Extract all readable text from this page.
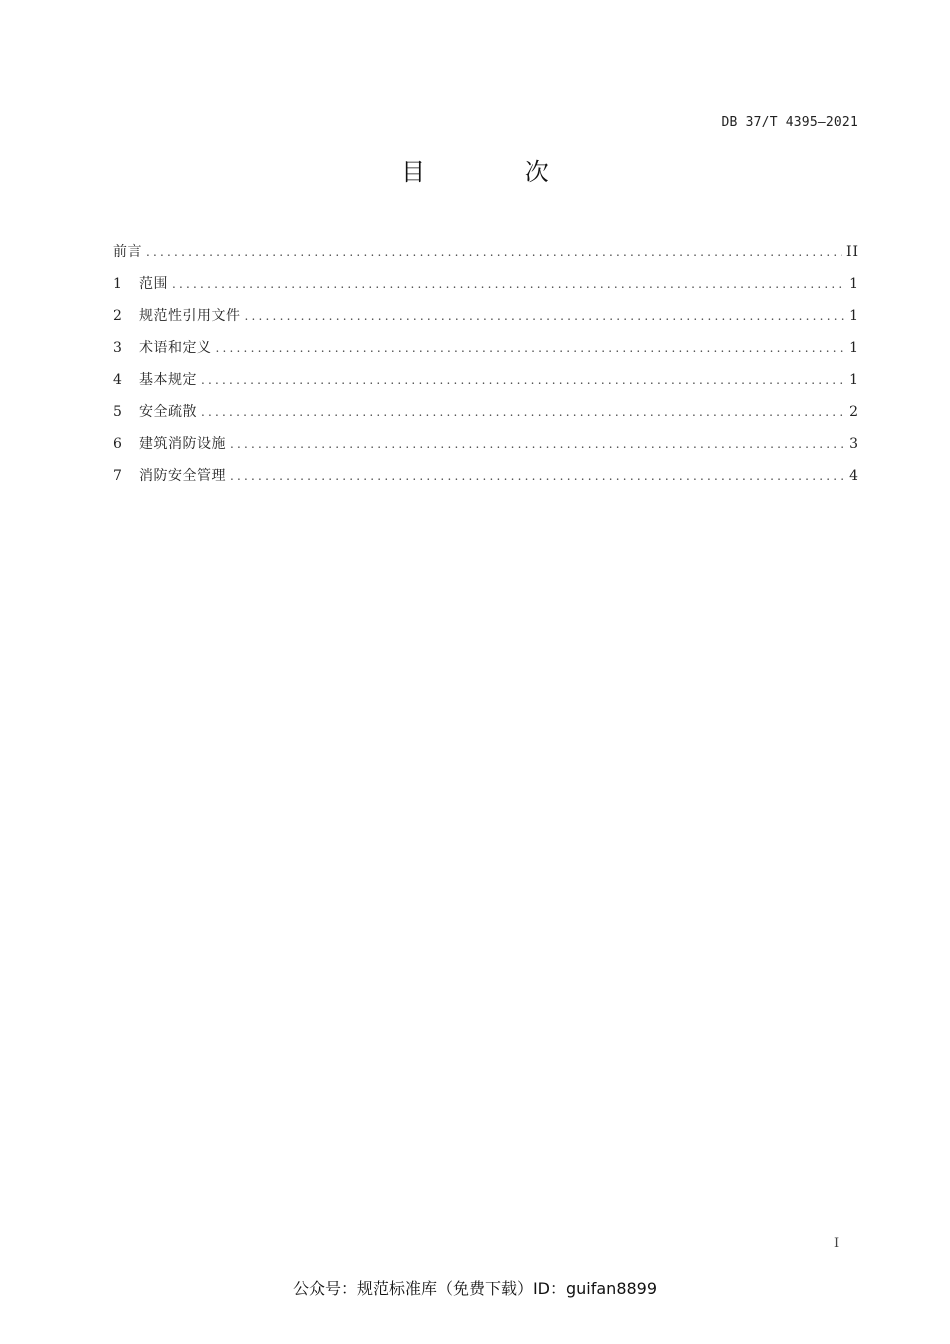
DB 37/T 4395—2021
目 次
前言 .....	II
1	范围 .....	1
2	规范性引用文件 .....	1
3	术语和定义 .....	1
4	基本规定 .....	1
5	安全疏散 .....	2
6	建筑消防设施 .....	3
7	消防安全管理 .....	4
I
公众号：规范标准库（免费下载）ID：guifan8899
